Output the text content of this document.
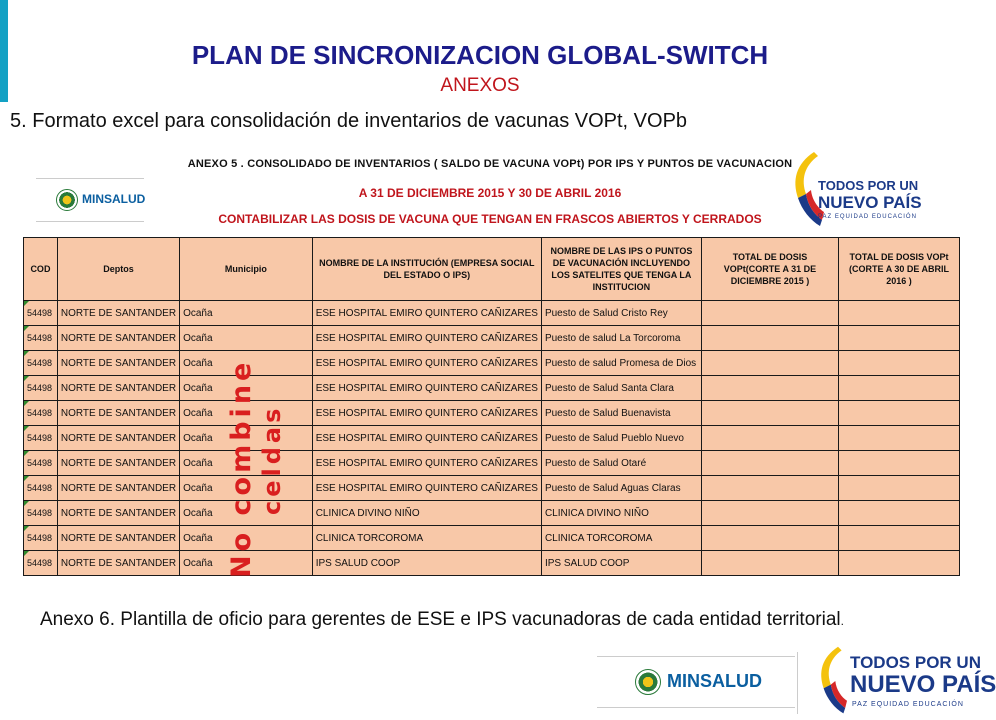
PLAN DE SINCRONIZACION GLOBAL-SWITCH
ANEXOS
5. Formato excel para consolidación de inventarios de vacunas VOPt, VOPb
MINSALUD
ANEXO 5 . CONSOLIDADO DE INVENTARIOS ( SALDO DE VACUNA VOPt) POR IPS Y PUNTOS DE VACUNACION
A 31 DE DICIEMBRE 2015 Y 30 DE ABRIL 2016
CONTABILIZAR LAS DOSIS DE VACUNA QUE TENGAN EN FRASCOS ABIERTOS Y CERRADOS
TODOS POR UN
NUEVO PAÍS
PAZ EQUIDAD EDUCACIÓN
COD	Deptos	Municipio	NOMBRE DE LA INSTITUCIÓN (EMPRESA SOCIAL DEL ESTADO O IPS)	NOMBRE DE LAS IPS O PUNTOS DE VACUNACIÓN INCLUYENDO LOS SATELITES QUE TENGA LA INSTITUCION	TOTAL DE DOSIS VOPt(CORTE A 31 DE DICIEMBRE 2015 )	TOTAL DE DOSIS VOPt (CORTE A 30 DE ABRIL 2016 )
54498	NORTE DE SANTANDER	Ocaña	ESE HOSPITAL EMIRO QUINTERO CAÑIZARES	Puesto de Salud Cristo Rey		
54498	NORTE DE SANTANDER	Ocaña	ESE HOSPITAL EMIRO QUINTERO CAÑIZARES	Puesto de salud La Torcoroma		
54498	NORTE DE SANTANDER	Ocaña	ESE HOSPITAL EMIRO QUINTERO CAÑIZARES	Puesto de salud Promesa de Dios		
54498	NORTE DE SANTANDER	Ocaña	ESE HOSPITAL EMIRO QUINTERO CAÑIZARES	Puesto de Salud Santa Clara		
54498	NORTE DE SANTANDER	Ocaña	ESE HOSPITAL EMIRO QUINTERO CAÑIZARES	Puesto de Salud Buenavista		
54498	NORTE DE SANTANDER	Ocaña	ESE HOSPITAL EMIRO QUINTERO CAÑIZARES	Puesto de Salud Pueblo Nuevo		
54498	NORTE DE SANTANDER	Ocaña	ESE HOSPITAL EMIRO QUINTERO CAÑIZARES	Puesto de Salud Otaré		
54498	NORTE DE SANTANDER	Ocaña	ESE HOSPITAL EMIRO QUINTERO CAÑIZARES	Puesto de Salud Aguas Claras		
54498	NORTE DE SANTANDER	Ocaña	CLINICA DIVINO NIÑO	CLINICA DIVINO NIÑO		
54498	NORTE DE SANTANDER	Ocaña	CLINICA TORCOROMA	CLINICA TORCOROMA		
54498	NORTE DE SANTANDER	Ocaña	IPS SALUD COOP	IPS SALUD COOP		
No combine celdas
Anexo 6. Plantilla de oficio para gerentes de ESE e IPS vacunadoras de cada entidad territorial.
MINSALUD
TODOS POR UN
NUEVO PAÍS
PAZ EQUIDAD EDUCACIÓN
